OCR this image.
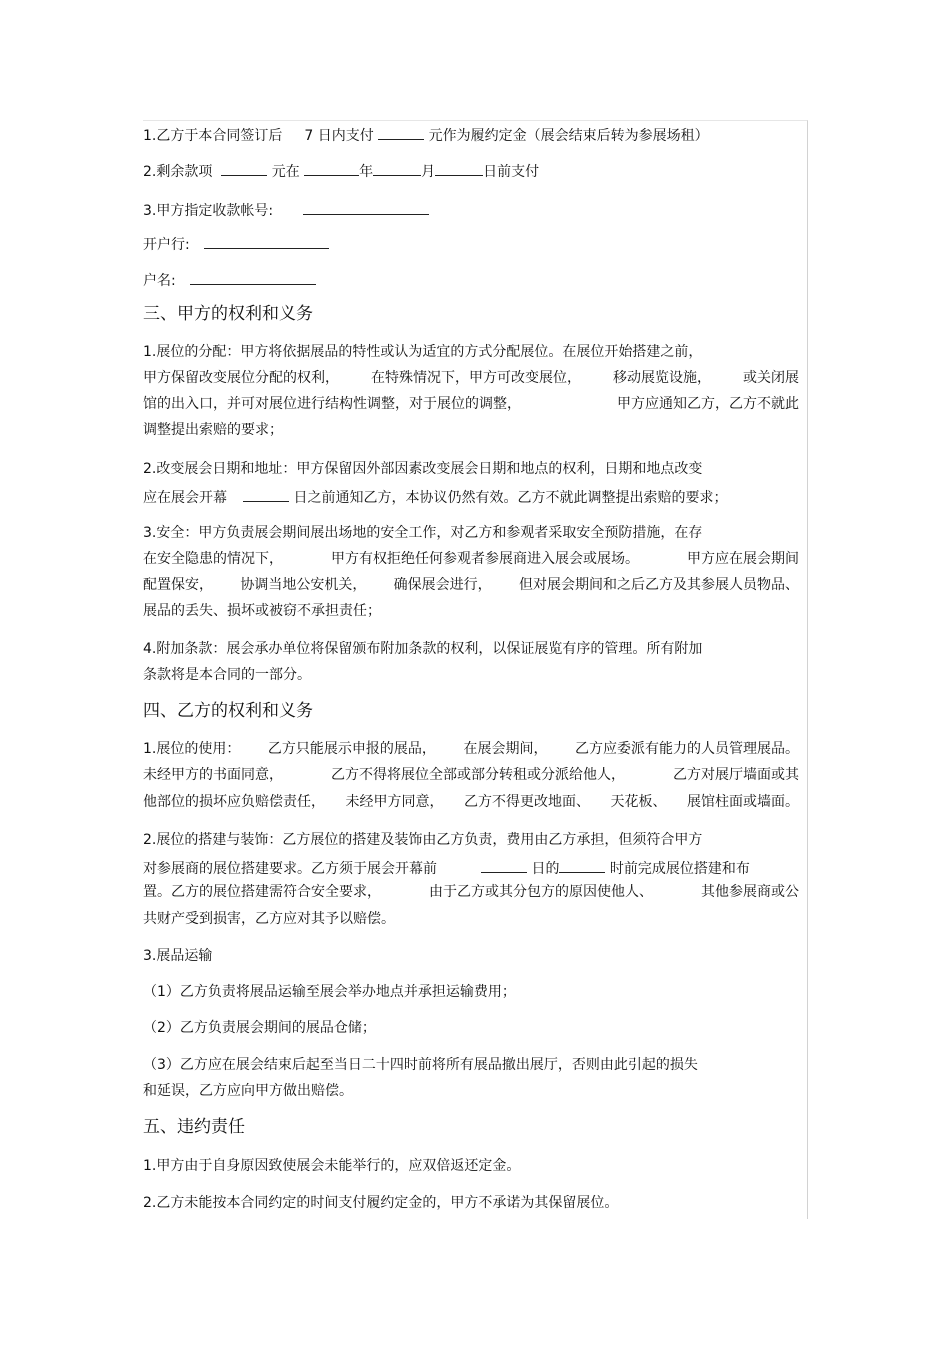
1.乙方于本合同签订后 7 日内支付	元作为履约定金（展会结束后转为参展场租）
2.剩余款项	元在	年	月	日前支付
3.甲方指定收款帐号:
开户行:
户名:
三、甲方的权利和义务
1.展位的分配：甲方将依据展品的特性或认为适宜的方式分配展位。在展位开始搭建之前，
甲方保留改变展位分配的权利， 在特殊情况下，甲方可改变展位， 移动展览设施， 或关闭展
馆的出入口，并可对展位进行结构性调整，对于展位的调整，	甲方应通知乙方，乙方不就此
调整提出索赔的要求；
2.改变展会日期和地址：甲方保留因外部因素改变展会日期和地点的权利，日期和地点改变
应在展会开幕	日之前通知乙方，本协议仍然有效。乙方不就此调整提出索赔的要求；
3.安全：甲方负责展会期间展出场地的安全工作，对乙方和参观者采取安全预防措施，在存
在安全隐患的情况下，	甲方有权拒绝任何参观者参展商进入展会或展场。	甲方应在展会期间
配置保安， 协调当地公安机关， 确保展会进行， 但对展会期间和之后乙方及其参展人员物品、
展品的丢失、损坏或被窃不承担责任；
4.附加条款：展会承办单位将保留颁布附加条款的权利，以保证展览有序的管理。所有附加
条款将是本合同的一部分。
四、乙方的权利和义务
1.展位的使用： 乙方只能展示申报的展品， 在展会期间， 乙方应委派有能力的人员管理展品。
未经甲方的书面同意，	乙方不得将展位全部或部分转租或分派给他人，	乙方对展厅墙面或其
他部位的损坏应负赔偿责任， 未经甲方同意， 乙方不得更改地面、 天花板、 展馆柱面或墙面。
2.展位的搭建与装饰：乙方展位的搭建及装饰由乙方负责，费用由乙方承担，但须符合甲方
对参展商的展位搭建要求。乙方须于展会开幕前	日的	时前完成展位搭建和布
置。乙方的展位搭建需符合安全要求，	由于乙方或其分包方的原因使他人、	其他参展商或公
共财产受到损害，乙方应对其予以赔偿。
3.展品运输
（1）乙方负责将展品运输至展会举办地点并承担运输费用；
（2）乙方负责展会期间的展品仓储；
（3）乙方应在展会结束后起至当日二十四时前将所有展品撤出展厅，否则由此引起的损失
和延误，乙方应向甲方做出赔偿。
五、违约责任
1.甲方由于自身原因致使展会未能举行的，应双倍返还定金。
2.乙方未能按本合同约定的时间支付履约定金的，甲方不承诺为其保留展位。
